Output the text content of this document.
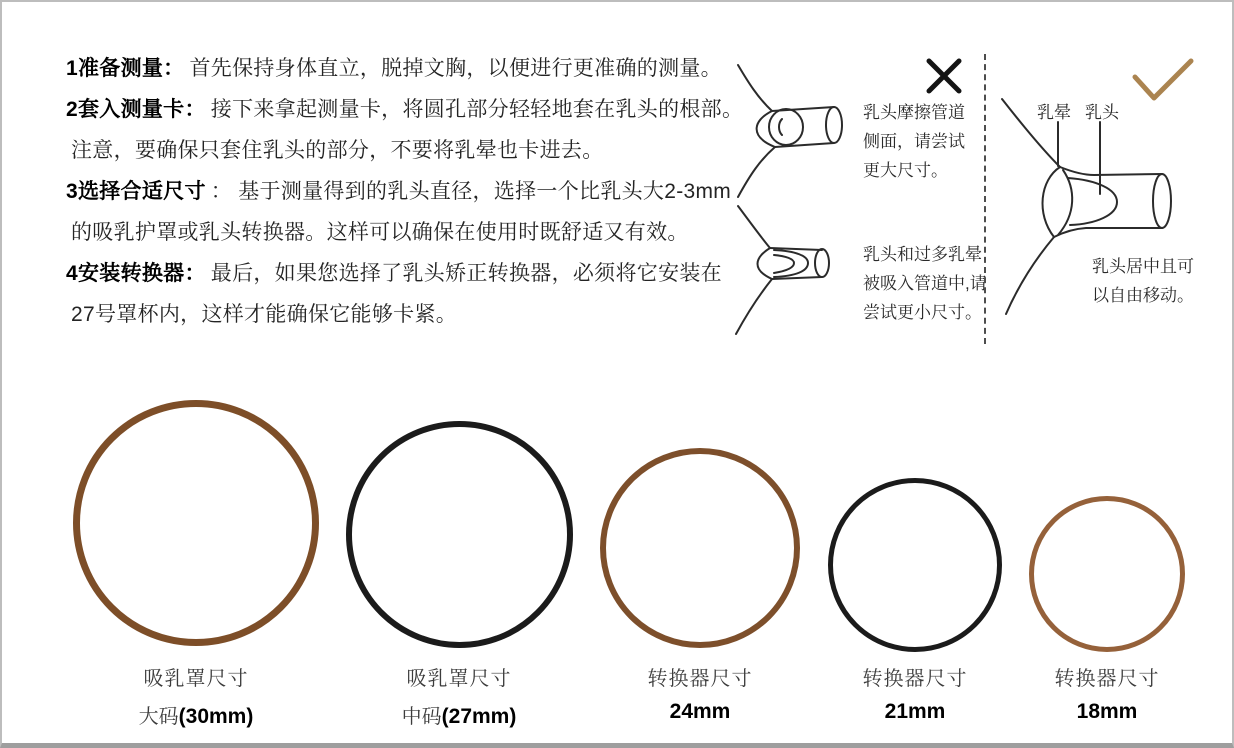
1准备测量： 首先保持身体直立，脱掉文胸，以便进行更准确的测量。
2套入测量卡： 接下来拿起测量卡，将圆孔部分轻轻地套在乳头的根部。
注意，要确保只套住乳头的部分，不要将乳晕也卡进去。
3选择合适尺寸 ： 基于测量得到的乳头直径，选择一个比乳头大2-3mm
的吸乳护罩或乳头转换器。这样可以确保在使用时既舒适又有效。
4安装转换器： 最后，如果您选择了乳头矫正转换器，必须将它安装在
27号罩杯内，这样才能确保它能够卡紧。
乳头摩擦管道
侧面，请尝试
更大尺寸。
乳头和过多乳晕
被吸入管道中,请
尝试更小尺寸。
乳晕 乳头
乳头居中且可
以自由移动。
吸乳罩尺寸
大码(30mm)
吸乳罩尺寸
中码(27mm)
转换器尺寸
24mm
转换器尺寸
21mm
转换器尺寸
18mm
